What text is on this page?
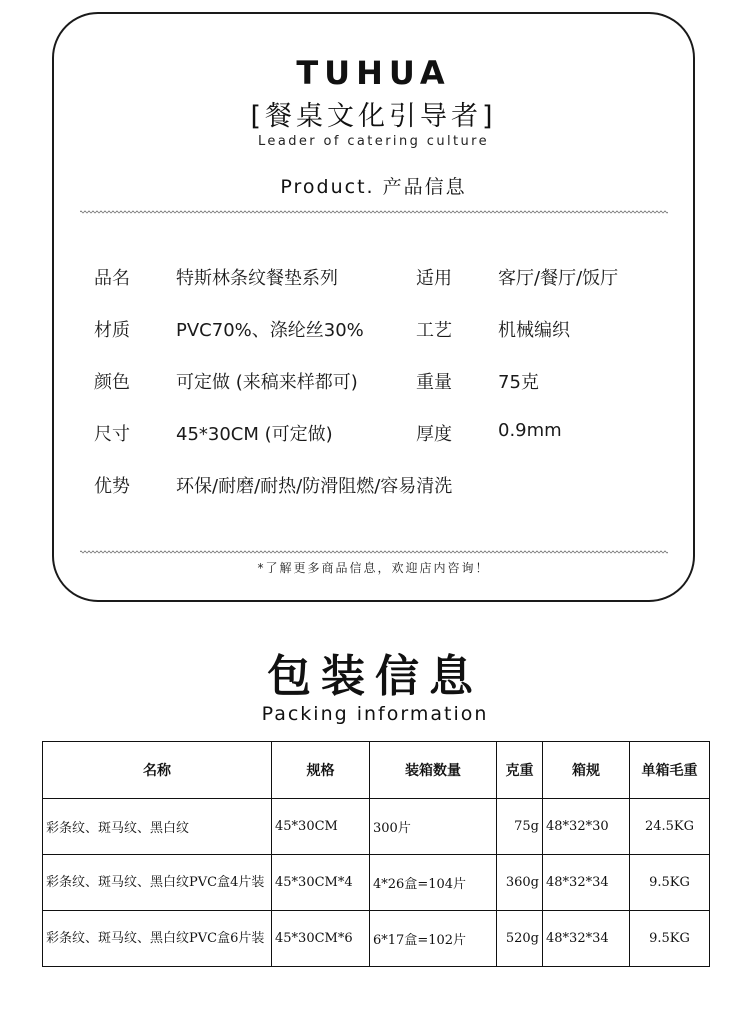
TUHUA
[餐桌文化引导者]
Leader of catering culture
Product. 产品信息
品名	特斯林条纹餐垫系列	适用	客厅/餐厅/饭厅
材质	PVC70%、涤纶丝30%	工艺	机械编织
颜色	可定做 (来稿来样都可)	重量	75克
尺寸	45*30CM (可定做)	厚度	0.9mm
优势	环保/耐磨/耐热/防滑阻燃/容易清洗
*了解更多商品信息，欢迎店内咨询！
包装信息
Packing information
名称	规格	装箱数量	克重	箱规	单箱毛重
彩条纹、斑马纹、黑白纹	45*30CM	300片	75g	48*32*30	24.5KG
彩条纹、斑马纹、黑白纹PVC盒4片装	45*30CM*4	4*26盒=104片	360g	48*32*34	9.5KG
彩条纹、斑马纹、黑白纹PVC盒6片装	45*30CM*6	6*17盒=102片	520g	48*32*34	9.5KG
